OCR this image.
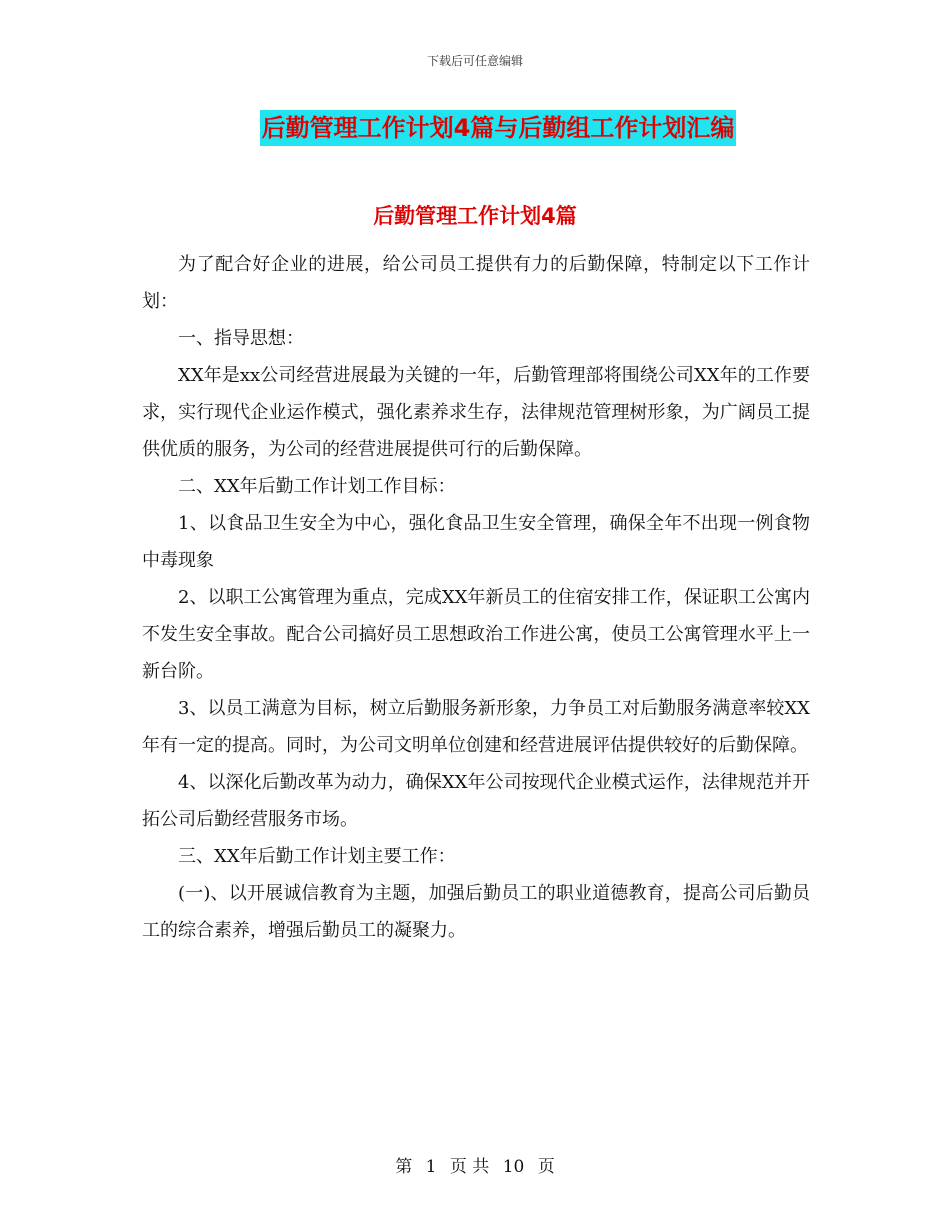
下载后可任意编辑
后勤管理工作计划4篇与后勤组工作计划汇编
后勤管理工作计划4篇

为了配合好企业的进展，给公司员工提供有力的后勤保障，特制定以下工作计划：

一、指导思想：

XX年是xx公司经营进展最为关键的一年，后勤管理部将围绕公司XX年的工作要求，实行现代企业运作模式，强化素养求生存，法律规范管理树形象，为广阔员工提供优质的服务，为公司的经营进展提供可行的后勤保障。

二、XX年后勤工作计划工作目标：

1、以食品卫生安全为中心，强化食品卫生安全管理，确保全年不出现一例食物中毒现象

2、以职工公寓管理为重点，完成XX年新员工的住宿安排工作，保证职工公寓内不发生安全事故。配合公司搞好员工思想政治工作进公寓，使员工公寓管理水平上一新台阶。

3、以员工满意为目标，树立后勤服务新形象，力争员工对后勤服务满意率较XX年有一定的提高。同时，为公司文明单位创建和经营进展评估提供较好的后勤保障。

4、以深化后勤改革为动力，确保XX年公司按现代企业模式运作，法律规范并开拓公司后勤经营服务市场。

三、XX年后勤工作计划主要工作：

(一)、以开展诚信教育为主题，加强后勤员工的职业道德教育，提高公司后勤员工的综合素养，增强后勤员工的凝聚力。

第 1 页 共 10 页
